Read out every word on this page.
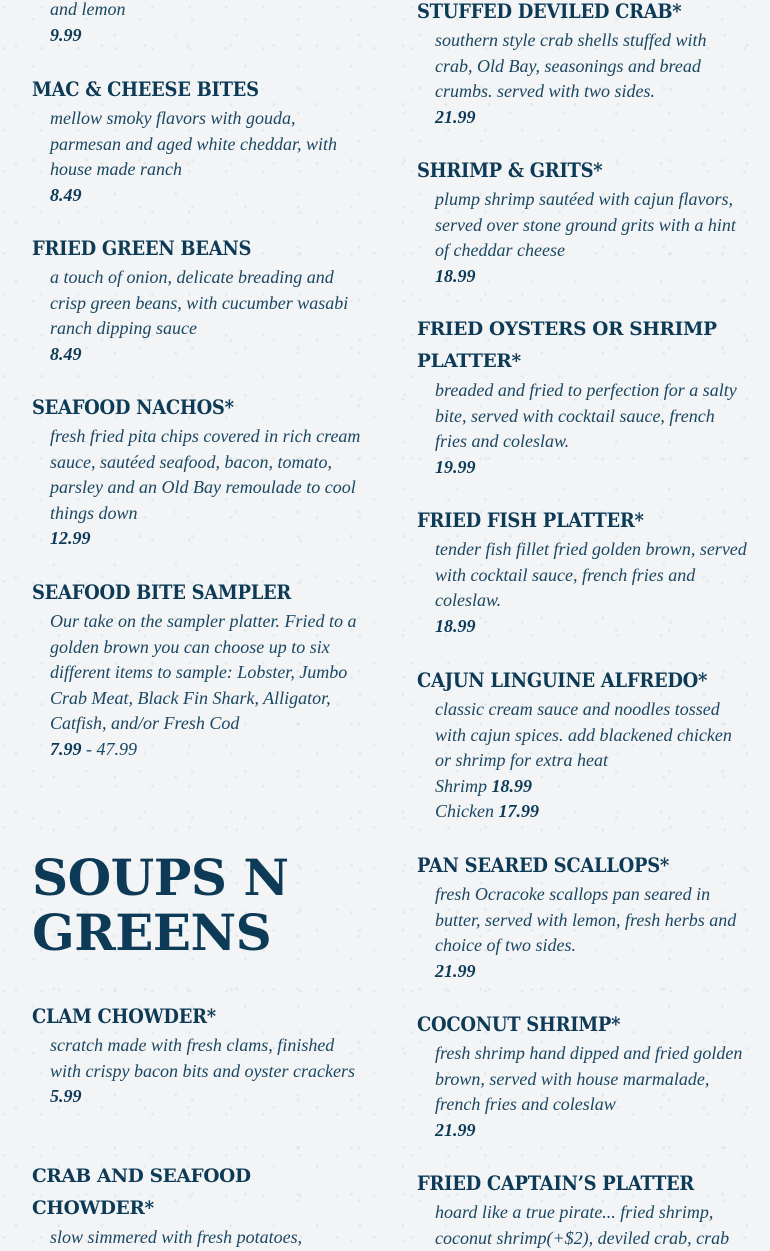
and lemon

9.99

MAC & CHEESE BITES

mellow smoky flavors with gouda, parmesan and aged white cheddar, with house made ranch

8.49

FRIED GREEN BEANS

a touch of onion, delicate breading and crisp green beans, with cucumber wasabi ranch dipping sauce

8.49

SEAFOOD NACHOS*

fresh fried pita chips covered in rich cream sauce, sautéed seafood, bacon, tomato, parsley and an Old Bay remoulade to cool things down

12.99

SEAFOOD BITE SAMPLER

Our take on the sampler platter. Fried to a golden brown you can choose up to six different items to sample: Lobster, Jumbo Crab Meat, Black Fin Shark, Alligator, Catfish, and/or Fresh Cod

7.99 - 47.99

SOUPS N GREENS
CLAM CHOWDER*

scratch made with fresh clams, finished with crispy bacon bits and oyster crackers

5.99

CRAB AND SEAFOOD CHOWDER*

slow simmered with fresh potatoes,

STUFFED DEVILED CRAB*

southern style crab shells stuffed with crab, Old Bay, seasonings and bread crumbs. served with two sides.

21.99

SHRIMP & GRITS*

plump shrimp sautéed with cajun flavors, served over stone ground grits with a hint of cheddar cheese

18.99

FRIED OYSTERS OR SHRIMP PLATTER*

breaded and fried to perfection for a salty bite, served with cocktail sauce, french fries and coleslaw.

19.99

FRIED FISH PLATTER*

tender fish fillet fried golden brown, served with cocktail sauce, french fries and coleslaw.

18.99

CAJUN LINGUINE ALFREDO*

classic cream sauce and noodles tossed with cajun spices. add blackened chicken or shrimp for extra heat

Shrimp 18.99

Chicken 17.99

PAN SEARED SCALLOPS*

fresh Ocracoke scallops pan seared in butter, served with lemon, fresh herbs and choice of two sides.

21.99

COCONUT SHRIMP*

fresh shrimp hand dipped and fried golden brown, served with house marmalade, french fries and coleslaw

21.99

FRIED CAPTAIN’S PLATTER

hoard like a true pirate... fried shrimp, coconut shrimp(+$2), deviled crab, crab
